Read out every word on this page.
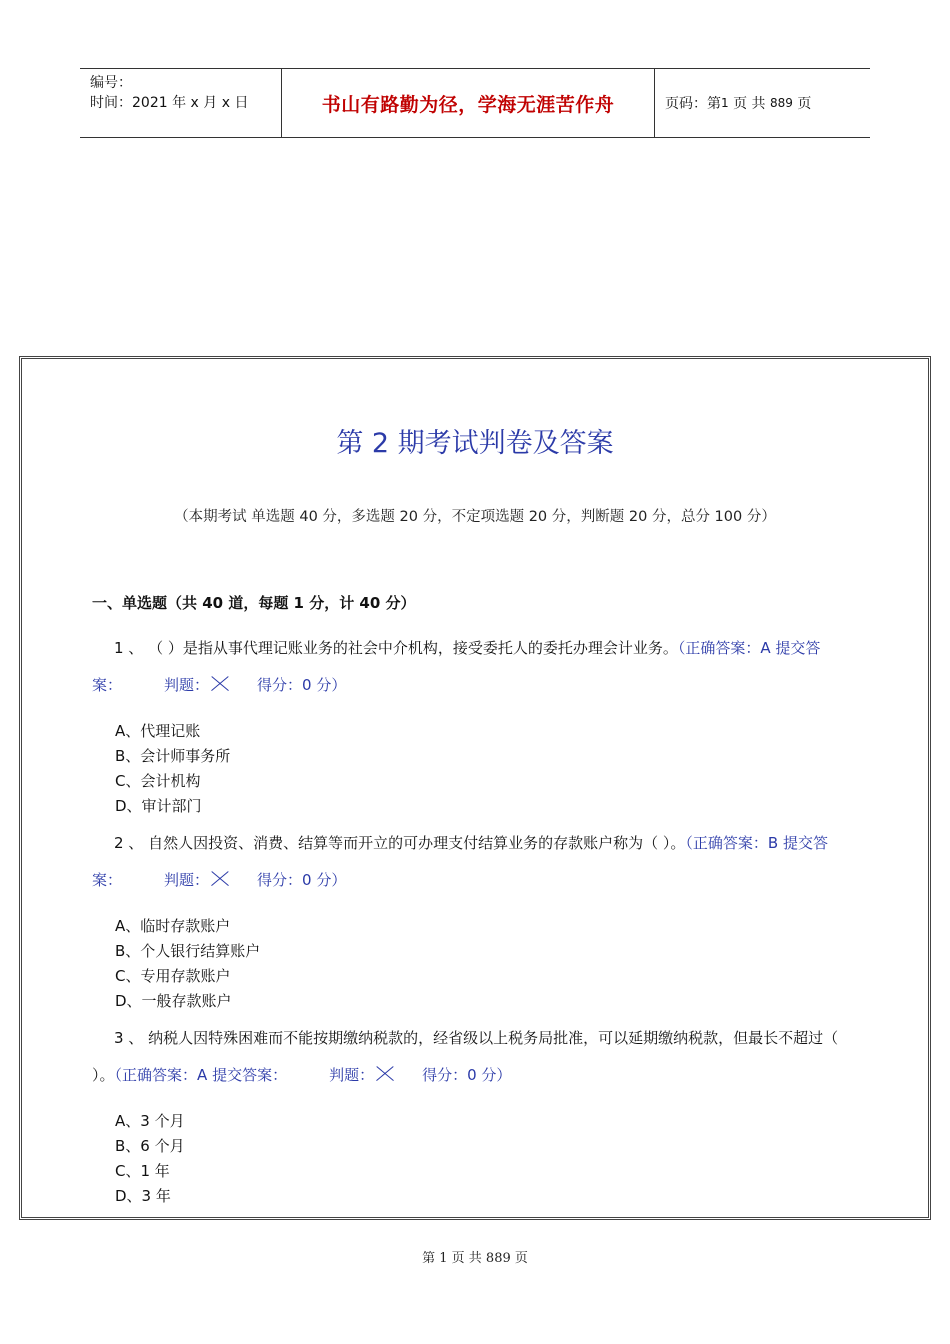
编号：
时间：2021 年 x 月 x 日	书山有路勤为径，学海无涯苦作舟	页码：第 1
页 共
889
页
第 2 期考试判卷及答案
（本期考试 单选题 40 分，多选题 20 分，不定项选题 20 分，判断题 20 分，总分 100 分）
一、单选题（共 40 道，每题 1 分，计 40 分）
1 、 （ ）是指从事代理记账业务的社会中介机构，接受委托人的委托办理会计业务。（正确答案：A 提交答案：	判题：	得分：0 分）
A、代理记账
B、会计师事务所
C、会计机构
D、审计部门
2 、 自然人因投资、消费、结算等而开立的可办理支付结算业务的存款账户称为（ ）。（正确答案：B 提交答案：	判题：	得分：0 分）
A、临时存款账户
B、个人银行结算账户
C、专用存款账户
D、一般存款账户
3 、 纳税人因特殊困难而不能按期缴纳税款的，经省级以上税务局批准，可以延期缴纳税款，但最长不超过（ ）。（正确答案：A 提交答案：	判题：	得分：0 分）
A、3 个月
B、6 个月
C、1 年
D、3 年
第 1 页 共 889 页
